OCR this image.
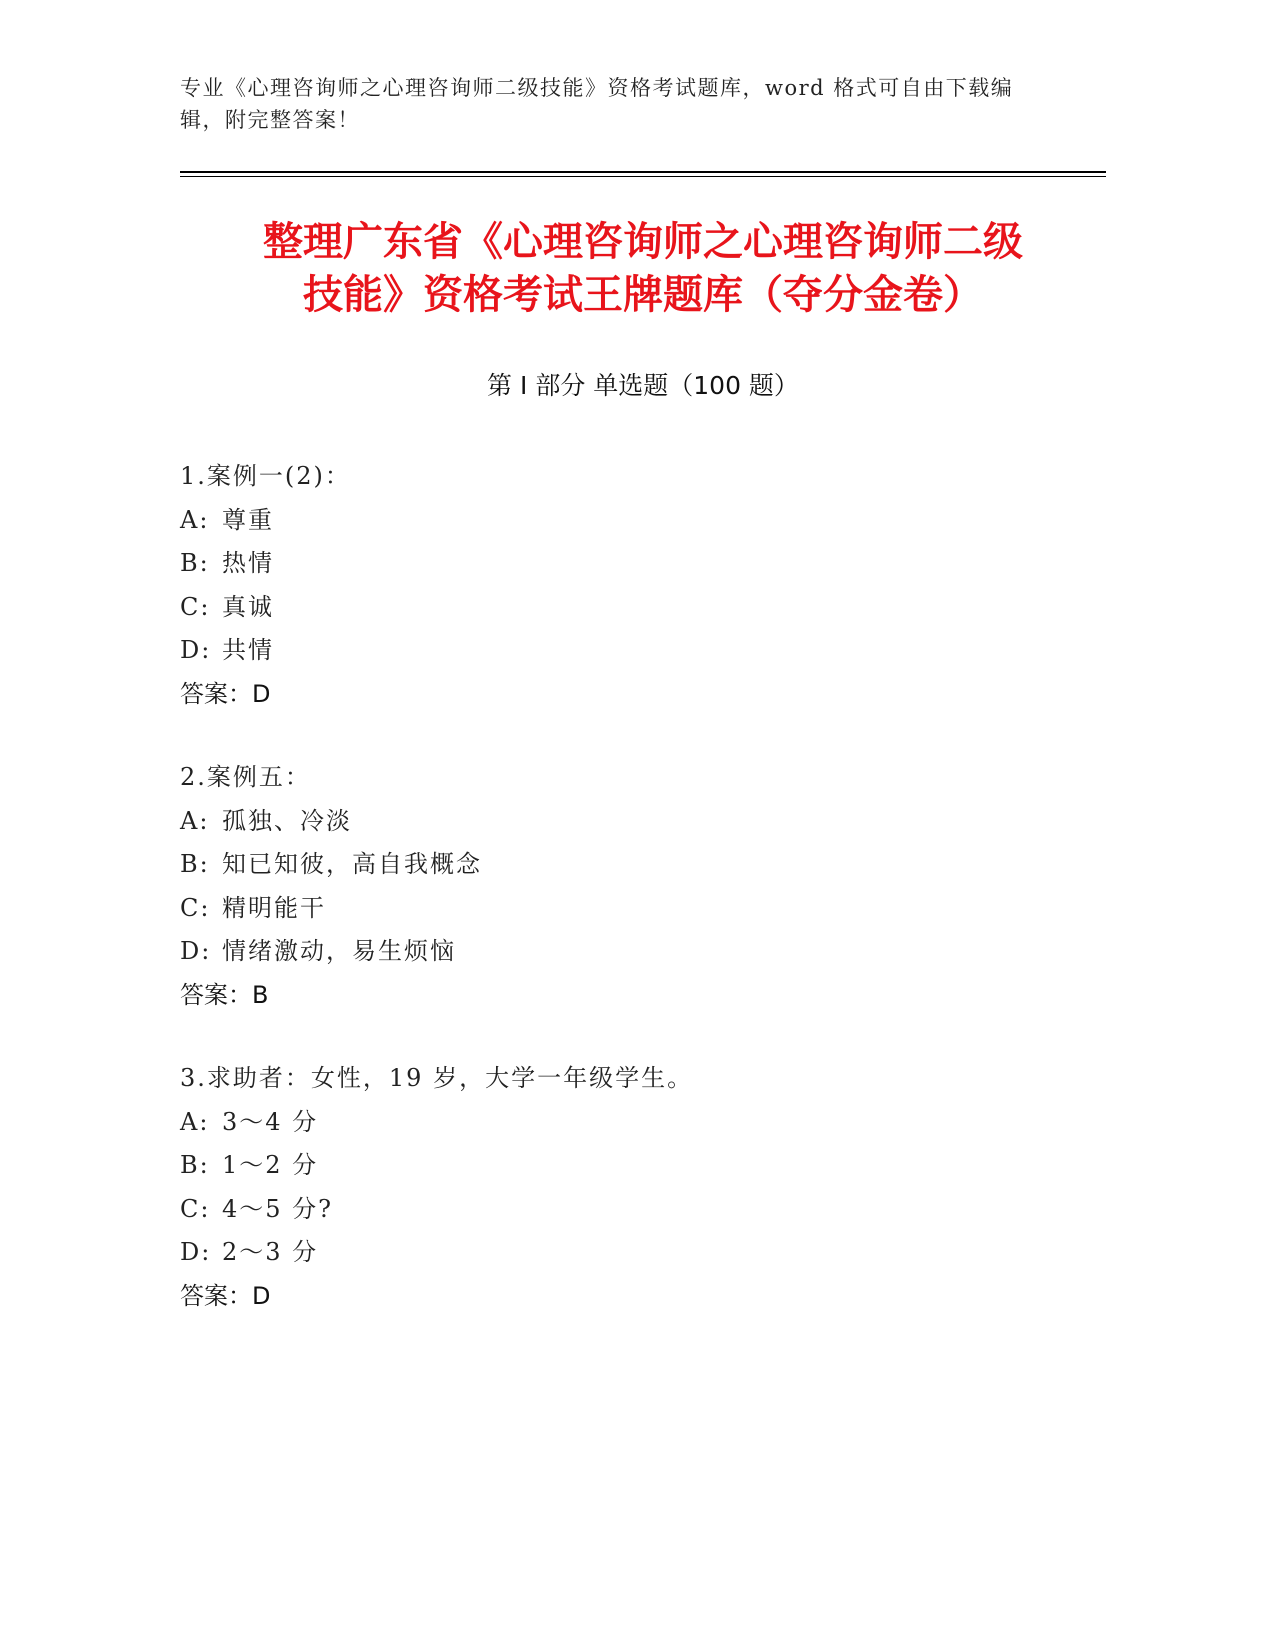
专业《心理咨询师之心理咨询师二级技能》资格考试题库，word 格式可自由下载编辑，附完整答案！
整理广东省《心理咨询师之心理咨询师二级
技能》资格考试王牌题库（夺分金卷）
第 I 部分 单选题（100 题）
1.案例一(2)：
A: 尊重
B: 热情
C: 真诚
D: 共情
答案：D
2.案例五：
A: 孤独、冷淡
B: 知已知彼，高自我概念
C: 精明能干
D: 情绪激动，易生烦恼
答案：B
3.求助者：女性，19 岁，大学一年级学生。
A: 3～4 分
B: 1～2 分
C: 4～5 分?
D: 2～3 分
答案：D
